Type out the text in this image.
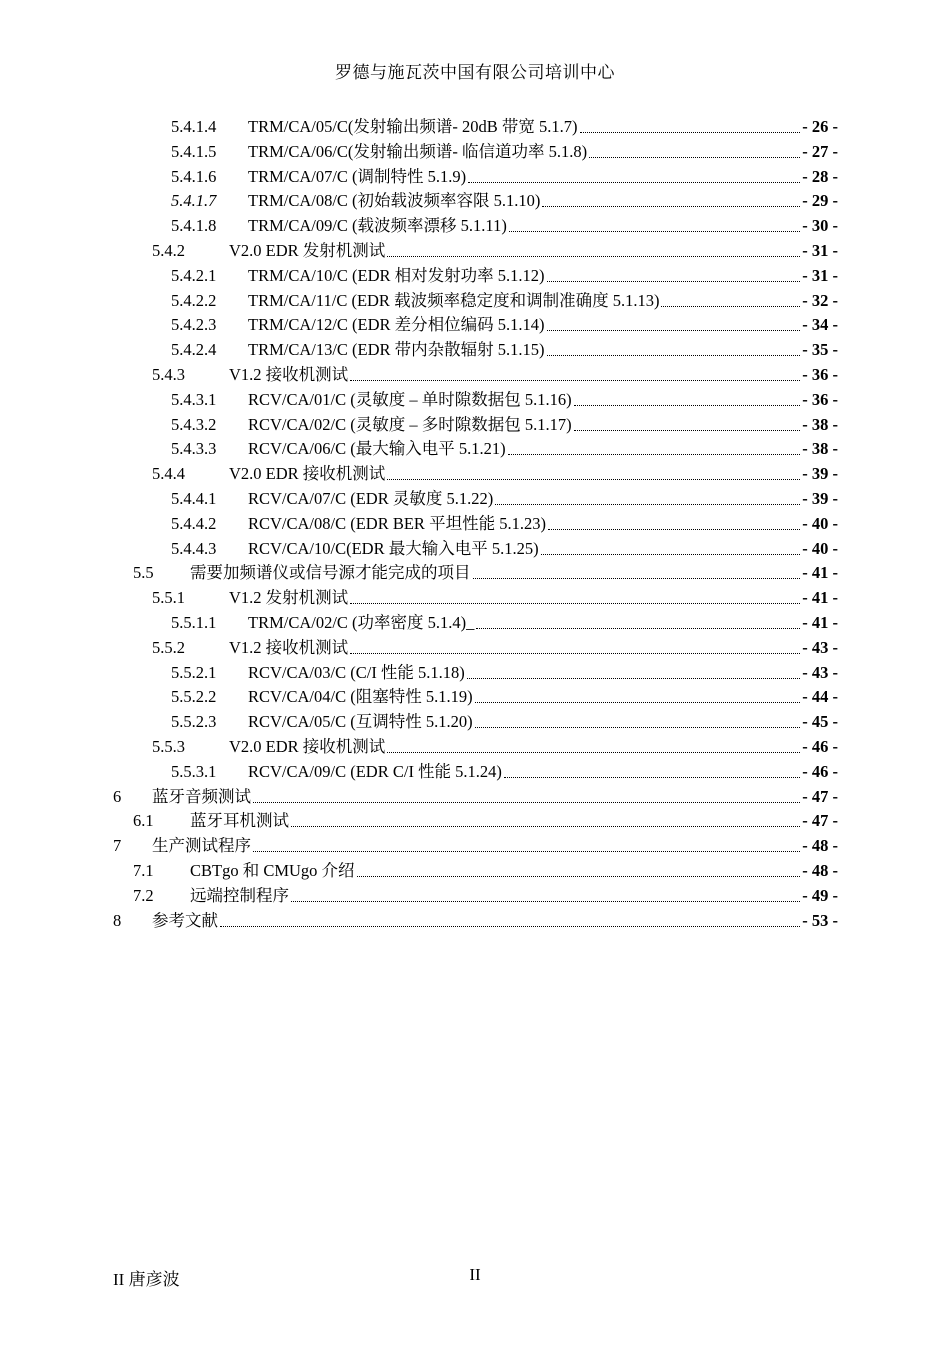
罗德与施瓦茨中国有限公司培训中心
5.4.1.4	TRM/CA/05/C(发射输出频谱- 20dB 带宽 5.1.7)	- 26 -
5.4.1.5	TRM/CA/06/C(发射输出频谱- 临信道功率 5.1.8)	- 27 -
5.4.1.6	TRM/CA/07/C (调制特性 5.1.9)	- 28 -
5.4.1.7	TRM/CA/08/C (初始载波频率容限 5.1.10)	- 29 -
5.4.1.8	TRM/CA/09/C (载波频率漂移 5.1.11)	- 30 -
5.4.2	V2.0 EDR 发射机测试	- 31 -
5.4.2.1	TRM/CA/10/C (EDR 相对发射功率 5.1.12)	- 31 -
5.4.2.2	TRM/CA/11/C (EDR 载波频率稳定度和调制准确度 5.1.13)	- 32 -
5.4.2.3	TRM/CA/12/C (EDR 差分相位编码 5.1.14)	- 34 -
5.4.2.4	TRM/CA/13/C (EDR 带内杂散辐射 5.1.15)	- 35 -
5.4.3	V1.2 接收机测试	- 36 -
5.4.3.1	RCV/CA/01/C (灵敏度 – 单时隙数据包 5.1.16)	- 36 -
5.4.3.2	RCV/CA/02/C (灵敏度 – 多时隙数据包 5.1.17)	- 38 -
5.4.3.3	RCV/CA/06/C (最大输入电平 5.1.21)	- 38 -
5.4.4	V2.0 EDR 接收机测试	- 39 -
5.4.4.1	RCV/CA/07/C (EDR 灵敏度 5.1.22)	- 39 -
5.4.4.2	RCV/CA/08/C (EDR BER 平坦性能 5.1.23)	- 40 -
5.4.4.3	RCV/CA/10/C(EDR 最大输入电平 5.1.25)	- 40 -
5.5	需要加频谱仪或信号源才能完成的项目	- 41 -
5.5.1	V1.2 发射机测试	- 41 -
5.5.1.1	TRM/CA/02/C (功率密度 5.1.4)_	- 41 -
5.5.2	V1.2 接收机测试	- 43 -
5.5.2.1	RCV/CA/03/C (C/I 性能 5.1.18)	- 43 -
5.5.2.2	RCV/CA/04/C (阻塞特性 5.1.19)	- 44 -
5.5.2.3	RCV/CA/05/C (互调特性 5.1.20)	- 45 -
5.5.3	V2.0 EDR 接收机测试	- 46 -
5.5.3.1	RCV/CA/09/C (EDR C/I 性能 5.1.24)	- 46 -
6	蓝牙音频测试	- 47 -
6.1	蓝牙耳机测试	- 47 -
7	生产测试程序	- 48 -
7.1	CBTgo 和 CMUgo 介绍	- 48 -
7.2	远端控制程序	- 49 -
8	参考文献	- 53 -
II 唐彦波	II
